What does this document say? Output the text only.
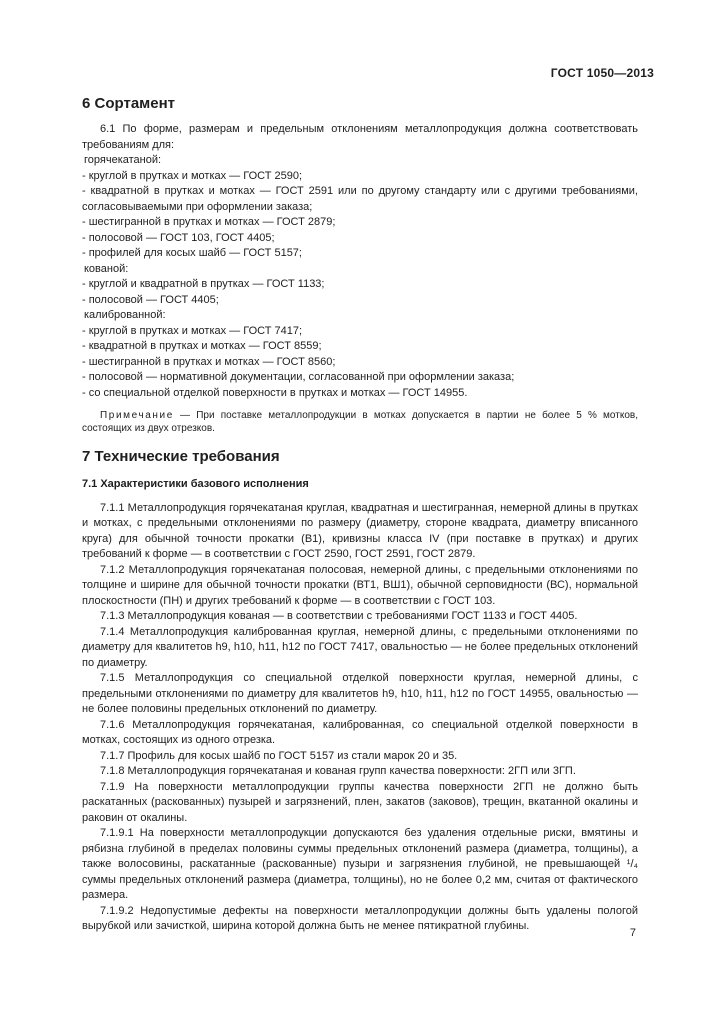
ГОСТ 1050—2013
6 Сортамент

6.1 По форме, размерам и предельным отклонениям металлопродукция должна соответствовать требованиям для:

горячекатаной:

- круглой в прутках и мотках — ГОСТ 2590;

- квадратной в прутках и мотках — ГОСТ 2591 или по другому стандарту или с другими требованиями, согласовываемыми при оформлении заказа;

- шестигранной в прутках и мотках — ГОСТ 2879;

- полосовой — ГОСТ 103, ГОСТ 4405;

- профилей для косых шайб — ГОСТ 5157;

кованой:

- круглой и квадратной в прутках — ГОСТ 1133;

- полосовой — ГОСТ 4405;

калиброванной:

- круглой в прутках и мотках — ГОСТ 7417;

- квадратной в прутках и мотках — ГОСТ 8559;

- шестигранной в прутках и мотках — ГОСТ 8560;

- полосовой — нормативной документации, согласованной при оформлении заказа;

- со специальной отделкой поверхности в прутках и мотках — ГОСТ 14955.

Примечание — При поставке металлопродукции в мотках допускается в партии не более 5 % мотков, состоящих из двух отрезков.

7 Технические требования
7.1 Характеристики базового исполнения

7.1.1 Металлопродукция горячекатаная круглая, квадратная и шестигранная, немерной длины в прутках и мотках, с предельными отклонениями по размеру (диаметру, стороне квадрата, диаметру вписанного круга) для обычной точности прокатки (В1), кривизны класса IV (при поставке в прутках) и других требований к форме — в соответствии с ГОСТ 2590, ГОСТ 2591, ГОСТ 2879.

7.1.2 Металлопродукция горячекатаная полосовая, немерной длины, с предельными отклонениями по толщине и ширине для обычной точности прокатки (ВТ1, ВШ1), обычной серповидности (ВС), нормальной плоскостности (ПН) и других требований к форме — в соответствии с ГОСТ 103.

7.1.3 Металлопродукция кованая — в соответствии с требованиями ГОСТ 1133 и ГОСТ 4405.

7.1.4 Металлопродукция калиброванная круглая, немерной длины, с предельными отклонениями по диаметру для квалитетов h9, h10, h11, h12 по ГОСТ 7417, овальностью — не более предельных отклонений по диаметру.

7.1.5 Металлопродукция со специальной отделкой поверхности круглая, немерной длины, с предельными отклонениями по диаметру для квалитетов h9, h10, h11, h12 по ГОСТ 14955, овальностью — не более половины предельных отклонений по диаметру.

7.1.6 Металлопродукция горячекатаная, калиброванная, со специальной отделкой поверхности в мотках, состоящих из одного отрезка.

7.1.7 Профиль для косых шайб по ГОСТ 5157 из стали марок 20 и 35.

7.1.8 Металлопродукция горячекатаная и кованая групп качества поверхности: 2ГП или 3ГП.

7.1.9 На поверхности металлопродукции группы качества поверхности 2ГП не должно быть раскатанных (раскованных) пузырей и загрязнений, плен, закатов (заковов), трещин, вкатанной окалины и раковин от окалины.

7.1.9.1 На поверхности металлопродукции допускаются без удаления отдельные риски, вмятины и рябизна глубиной в пределах половины суммы предельных отклонений размера (диаметра, толщины), а также волосовины, раскатанные (раскованные) пузыри и загрязнения глубиной, не превышающей ¹/₄ суммы предельных отклонений размера (диаметра, толщины), но не более 0,2 мм, считая от фактического размера.

7.1.9.2 Недопустимые дефекты на поверхности металлопродукции должны быть удалены пологой вырубкой или зачисткой, ширина которой должна быть не менее пятикратной глубины.

7
